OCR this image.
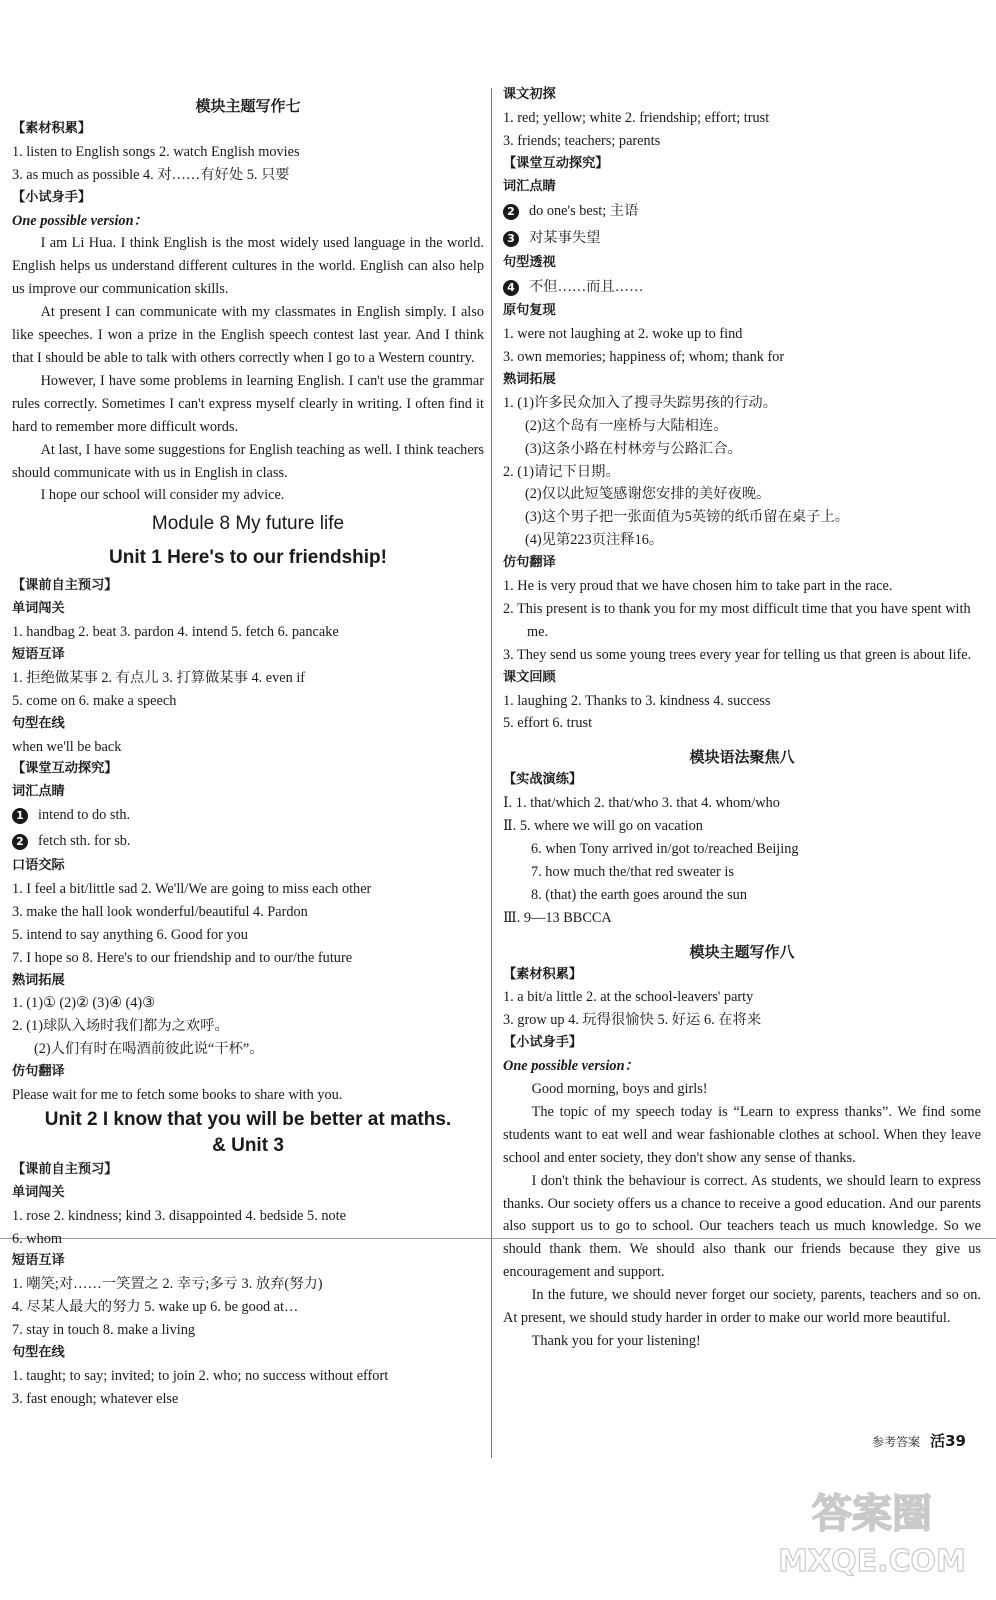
模块主题写作七
【素材积累】
1. listen to English songs 2. watch English movies
3. as much as possible 4. 对……有好处 5. 只要
【小试身手】
One possible version：
I am Li Hua. I think English is the most widely used language in the world. English helps us understand different cultures in the world. English can also help us improve our communication skills.
At present I can communicate with my classmates in English simply. I also like speeches. I won a prize in the English speech contest last year. And I think that I should be able to talk with others correctly when I go to a Western country.
However, I have some problems in learning English. I can't use the grammar rules correctly. Sometimes I can't express myself clearly in writing. I often find it hard to remember more difficult words.
At last, I have some suggestions for English teaching as well. I think teachers should communicate with us in English in class.
I hope our school will consider my advice.
Module 8 My future life
Unit 1 Here's to our friendship!
【课前自主预习】
单词闯关
1. handbag 2. beat 3. pardon 4. intend 5. fetch 6. pancake
短语互译
1. 拒绝做某事 2. 有点儿 3. 打算做某事 4. even if
5. come on 6. make a speech
句型在线
when we'll be back
【课堂互动探究】
词汇点睛
1 intend to do sth.
2 fetch sth. for sb.
口语交际
1. I feel a bit/little sad 2. We'll/We are going to miss each other
3. make the hall look wonderful/beautiful 4. Pardon
5. intend to say anything 6. Good for you
7. I hope so 8. Here's to our friendship and to our/the future
熟词拓展
1. (1)① (2)② (3)④ (4)③
2. (1)球队入场时我们都为之欢呼。
(2)人们有时在喝酒前彼此说“干杯”。
仿句翻译
Please wait for me to fetch some books to share with you.
Unit 2 I know that you will be better at maths.
& Unit 3
【课前自主预习】
单词闯关
1. rose 2. kindness; kind 3. disappointed 4. bedside 5. note
6. whom
短语互译
1. 嘲笑;对……一笑置之 2. 幸亏;多亏 3. 放弃(努力)
4. 尽某人最大的努力 5. wake up 6. be good at…
7. stay in touch 8. make a living
句型在线
1. taught; to say; invited; to join 2. who; no success without effort
3. fast enough; whatever else
课文初探
1. red; yellow; white 2. friendship; effort; trust
3. friends; teachers; parents
【课堂互动探究】
词汇点睛
2 do one's best; 主语
3 对某事失望
句型透视
4 不但……而且……
原句复现
1. were not laughing at 2. woke up to find
3. own memories; happiness of; whom; thank for
熟词拓展
1. (1)许多民众加入了搜寻失踪男孩的行动。
(2)这个岛有一座桥与大陆相连。
(3)这条小路在村林旁与公路汇合。
2. (1)请记下日期。
(2)仅以此短笺感谢您安排的美好夜晚。
(3)这个男子把一张面值为5英镑的纸币留在桌子上。
(4)见第223页注释16。
仿句翻译
1. He is very proud that we have chosen him to take part in the race.
2. This present is to thank you for my most difficult time that you have spent with me.
3. They send us some young trees every year for telling us that green is about life.
课文回顾
1. laughing 2. Thanks to 3. kindness 4. success
5. effort 6. trust
模块语法聚焦八
【实战演练】
Ⅰ. 1. that/which 2. that/who 3. that 4. whom/who
Ⅱ. 5. where we will go on vacation
6. when Tony arrived in/got to/reached Beijing
7. how much the/that red sweater is
8. (that) the earth goes around the sun
Ⅲ. 9—13 BBCCA
模块主题写作八
【素材积累】
1. a bit/a little 2. at the school-leavers' party
3. grow up 4. 玩得很愉快 5. 好运 6. 在将来
【小试身手】
One possible version：
Good morning, boys and girls!
The topic of my speech today is “Learn to express thanks”. We find some students want to eat well and wear fashionable clothes at school. When they leave school and enter society, they don't show any sense of thanks.
I don't think the behaviour is correct. As students, we should learn to express thanks. Our society offers us a chance to receive a good education. And our parents also support us to go to school. Our teachers teach us much knowledge. So we should thank them. We should also thank our friends because they give us encouragement and support.
In the future, we should never forget our society, parents, teachers and so on. At present, we should study harder in order to make our world more beautiful.
Thank you for your listening!
参考答案 活39
答案圈
MXQE.COM
